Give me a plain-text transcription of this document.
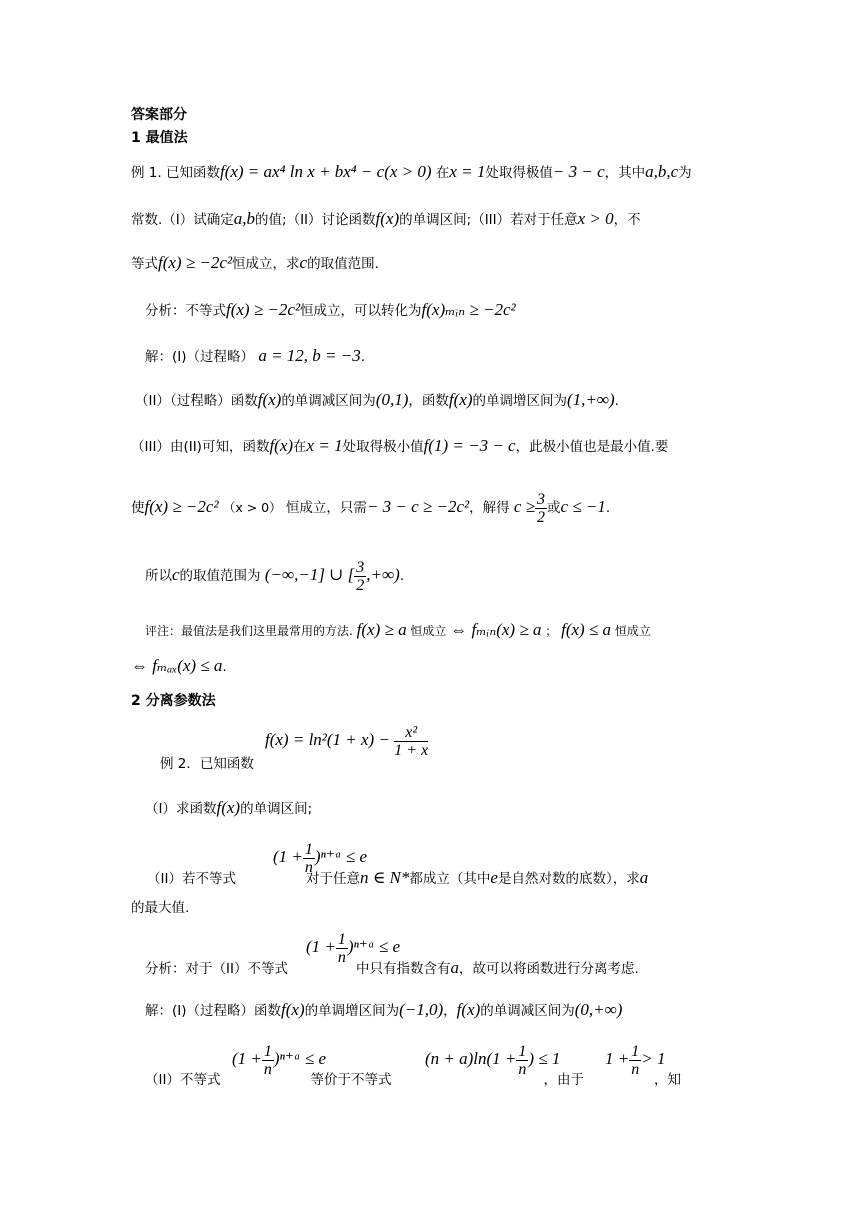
答案部分
1 最值法
例 1. 已知函数f(x) = ax⁴ ln x + bx⁴ − c(x > 0) 在x = 1处取得极值− 3 − c，其中a,b,c为
常数.（I）试确定a,b的值;（II）讨论函数f(x)的单调区间;（III）若对于任意x > 0，不
等式f(x) ≥ −2c²恒成立，求c的取值范围.
分析：不等式f(x) ≥ −2c²恒成立，可以转化为f(x)ₘᵢₙ ≥ −2c²
解：(I)（过程略） a = 12, b = −3.
（II）（过程略）函数f(x)的单调减区间为(0,1)，函数f(x)的单调增区间为(1,+∞).
（III）由(II)可知，函数f(x)在x = 1处取得极小值f(1) = −3 − c，此极小值也是最小值.要
使f(x) ≥ −2c² （x > 0） 恒成立，只需− 3 − c ≥ −2c²，解得 $c \ge \frac{3}{2}$ 或c ≤ −1.
所以c的取值范围为 (−∞,−1] ∪ [ $\frac{3}{2}$ ,+∞).
评注：最值法是我们这里最常用的方法. f(x) ≥ a 恒成立 ⇔ fₘᵢₙ(x) ≥ a ； f(x) ≤ a 恒成立
⇔ fₘₐₓ(x) ≤ a.
2 分离参数法
$f(x) = \ln^2(1 + x) - \frac{\text{x²}}{1 + x}$
例 2．已知函数
（I）求函数f(x)的单调区间;
($1 + \frac{1}{n}$ )ⁿ⁺ᵃ ≤ e
（II）若不等式	对于任意n ∈ N*都成立（其中e是自然对数的底数），求a
的最大值.
($1 + \frac{1}{n}$ )ⁿ⁺ᵃ ≤ e
分析：对于（II）不等式	中只有指数含有a，故可以将函数进行分离考虑.
解：(I)（过程略）函数f(x)的单调增区间为(−1,0)，f(x)的单调减区间为(0,+∞)
($1 + \frac{1}{n}$ )ⁿ⁺ᵃ ≤ e	$(n + a)\ln(1 + \frac{1}{n}$ ) ≤ 1	$1 + \frac{1}{n} > 1$
（II）不等式	等价于不等式	，由于	，知
